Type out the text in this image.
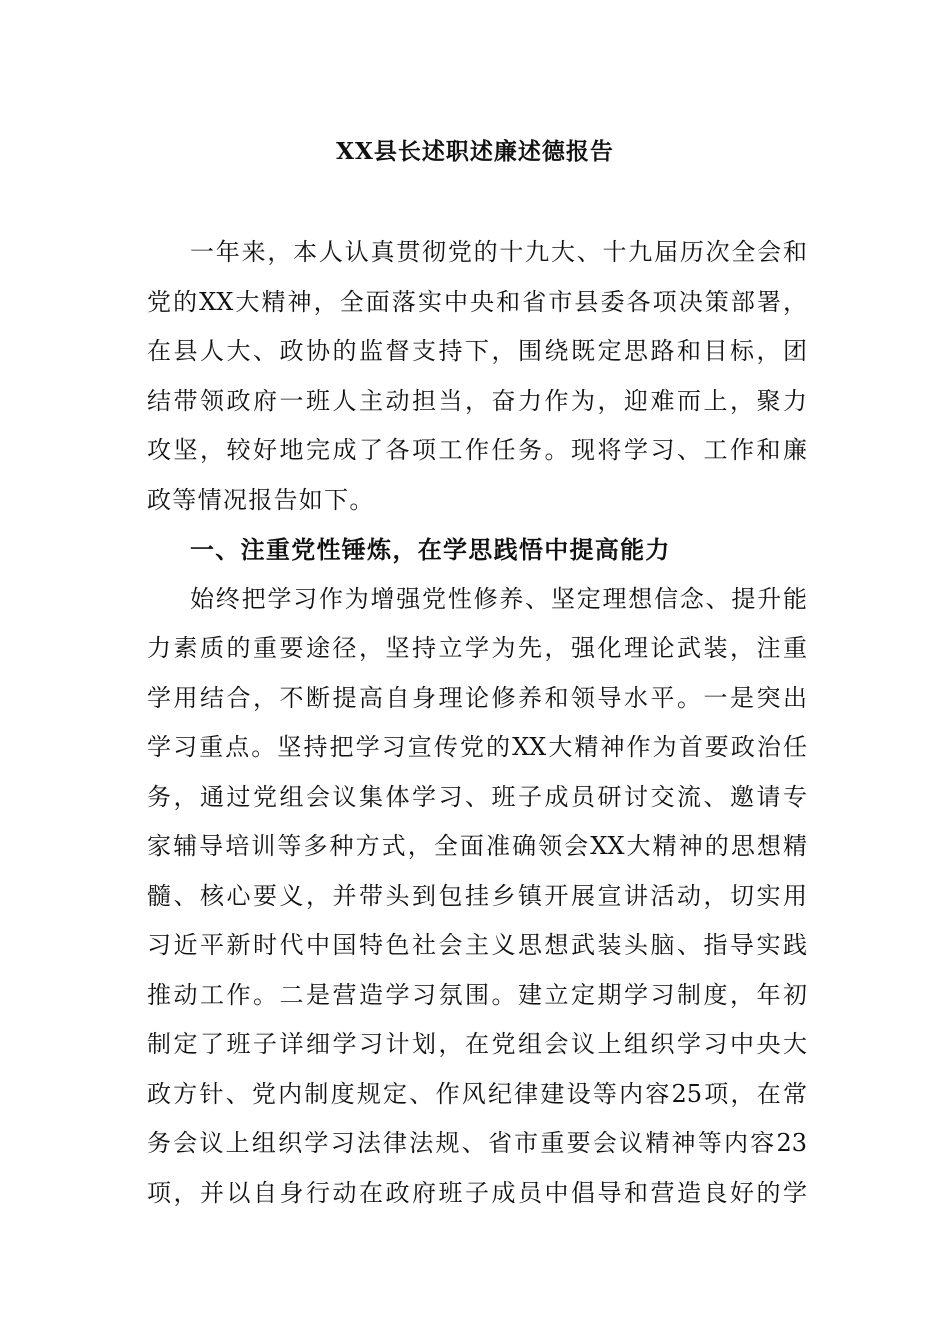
XX县长述职述廉述德报告
一年来，本人认真贯彻党的十九大、十九届历次全会和
党的XX大精神，全面落实中央和省市县委各项决策部署，
在县人大、政协的监督支持下，围绕既定思路和目标，团
结带领政府一班人主动担当，奋力作为，迎难而上，聚力
攻坚，较好地完成了各项工作任务。现将学习、工作和廉
政等情况报告如下。
一、注重党性锤炼，在学思践悟中提高能力
始终把学习作为增强党性修养、坚定理想信念、提升能
力素质的重要途径，坚持立学为先，强化理论武装，注重
学用结合，不断提高自身理论修养和领导水平。一是突出
学习重点。坚持把学习宣传党的XX大精神作为首要政治任
务，通过党组会议集体学习、班子成员研讨交流、邀请专
家辅导培训等多种方式，全面准确领会XX大精神的思想精
髓、核心要义，并带头到包挂乡镇开展宣讲活动，切实用
习近平新时代中国特色社会主义思想武装头脑、指导实践
推动工作。二是营造学习氛围。建立定期学习制度，年初
制定了班子详细学习计划，在党组会议上组织学习中央大
政方针、党内制度规定、作风纪律建设等内容25项，在常
务会议上组织学习法律法规、省市重要会议精神等内容23
项，并以自身行动在政府班子成员中倡导和营造良好的学
